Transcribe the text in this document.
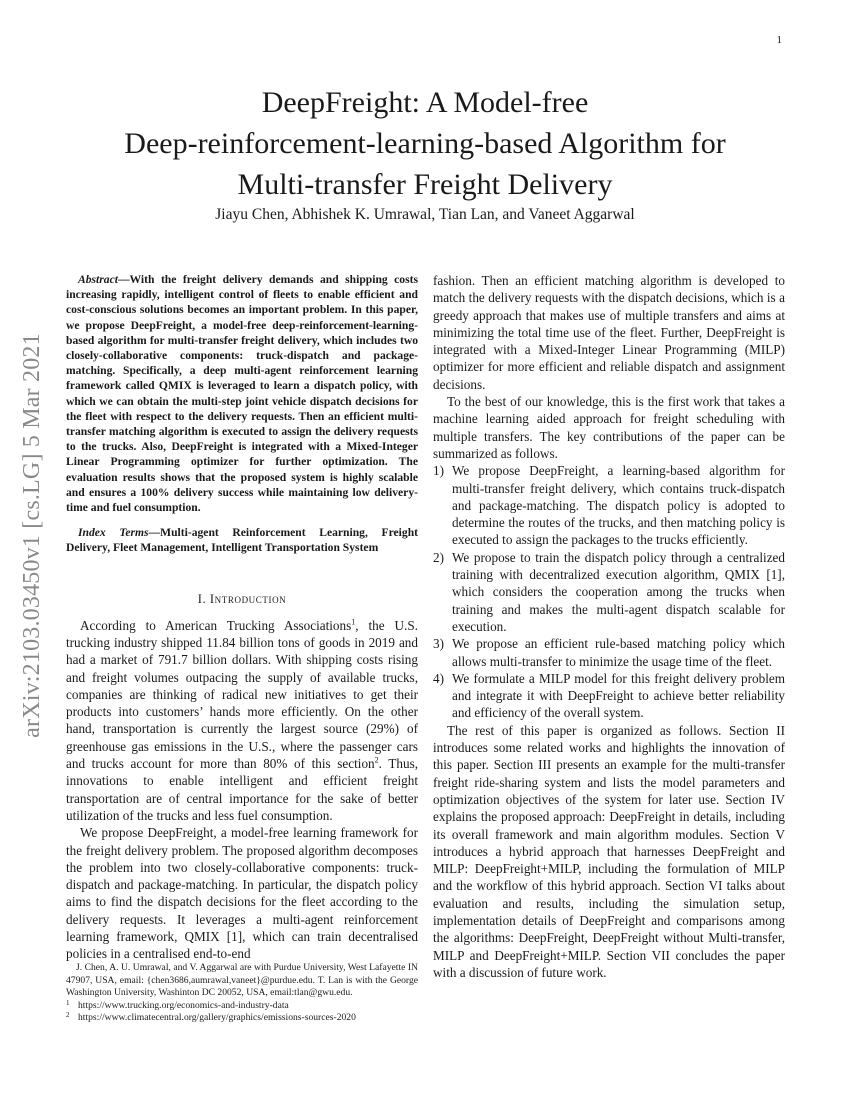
1
arXiv:2103.03450v1 [cs.LG] 5 Mar 2021
DeepFreight: A Model-free
Deep-reinforcement-learning-based Algorithm for
Multi-transfer Freight Delivery
Jiayu Chen, Abhishek K. Umrawal, Tian Lan, and Vaneet Aggarwal

Abstract—With the freight delivery demands and shipping costs increasing rapidly, intelligent control of fleets to enable efficient and cost-conscious solutions becomes an important problem. In this paper, we propose DeepFreight, a model-free deep-reinforcement-learning-based algorithm for multi-transfer freight delivery, which includes two closely-collaborative components: truck-dispatch and package-matching. Specifically, a deep multi-agent reinforcement learning framework called QMIX is leveraged to learn a dispatch policy, with which we can obtain the multi-step joint vehicle dispatch decisions for the fleet with respect to the delivery requests. Then an efficient multi-transfer matching algorithm is executed to assign the delivery requests to the trucks. Also, DeepFreight is integrated with a Mixed-Integer Linear Programming optimizer for further optimization. The evaluation results shows that the proposed system is highly scalable and ensures a 100% delivery success while maintaining low delivery-time and fuel consumption.

Index Terms—Multi-agent Reinforcement Learning, Freight Delivery, Fleet Management, Intelligent Transportation System

I. Introduction

According to American Trucking Associations$^1$, the U.S. trucking industry shipped 11.84 billion tons of goods in 2019 and had a market of 791.7 billion dollars. With shipping costs rising and freight volumes outpacing the supply of available trucks, companies are thinking of radical new initiatives to get their products into customers’ hands more efficiently. On the other hand, transportation is currently the largest source (29%) of greenhouse gas emissions in the U.S., where the passenger cars and trucks account for more than 80% of this section$^2$. Thus, innovations to enable intelligent and efficient freight transportation are of central importance for the sake of better utilization of the trucks and less fuel consumption.

We propose DeepFreight, a model-free learning framework for the freight delivery problem. The proposed algorithm decomposes the problem into two closely-collaborative components: truck-dispatch and package-matching. In particular, the dispatch policy aims to find the dispatch decisions for the fleet according to the delivery requests. It leverages a multi-agent reinforcement learning framework, QMIX [1], which can train decentralised policies in a centralised end-to-end

fashion. Then an efficient matching algorithm is developed to match the delivery requests with the dispatch decisions, which is a greedy approach that makes use of multiple transfers and aims at minimizing the total time use of the fleet. Further, DeepFreight is integrated with a Mixed-Integer Linear Programming (MILP) optimizer for more efficient and reliable dispatch and assignment decisions.

To the best of our knowledge, this is the first work that takes a machine learning aided approach for freight scheduling with multiple transfers. The key contributions of the paper can be summarized as follows.

1) We propose DeepFreight, a learning-based algorithm for multi-transfer freight delivery, which contains truck-dispatch and package-matching. The dispatch policy is adopted to determine the routes of the trucks, and then matching policy is executed to assign the packages to the trucks efficiently.
2) We propose to train the dispatch policy through a centralized training with decentralized execution algorithm, QMIX [1], which considers the cooperation among the trucks when training and makes the multi-agent dispatch scalable for execution.
3) We propose an efficient rule-based matching policy which allows multi-transfer to minimize the usage time of the fleet.
4) We formulate a MILP model for this freight delivery problem and integrate it with DeepFreight to achieve better reliability and efficiency of the overall system.

The rest of this paper is organized as follows. Section II introduces some related works and highlights the innovation of this paper. Section III presents an example for the multi-transfer freight ride-sharing system and lists the model parameters and optimization objectives of the system for later use. Section IV explains the proposed approach: DeepFreight in details, including its overall framework and main algorithm modules. Section V introduces a hybrid approach that harnesses DeepFreight and MILP: DeepFreight+MILP, including the formulation of MILP and the workflow of this hybrid approach. Section VI talks about evaluation and results, including the simulation setup, implementation details of DeepFreight and comparisons among the algorithms: DeepFreight, DeepFreight without Multi-transfer, MILP and DeepFreight+MILP. Section VII concludes the paper with a discussion of future work.

J. Chen, A. U. Umrawal, and V. Aggarwal are with Purdue University, West Lafayette IN 47907, USA, email: {chen3686,aumrawal,vaneet}@purdue.edu. T. Lan is with the George Washington University, Washinton DC 20052, USA, email:tlan@gwu.edu.

1 https://www.trucking.org/economics-and-industry-data

2 https://www.climatecentral.org/gallery/graphics/emissions-sources-2020
